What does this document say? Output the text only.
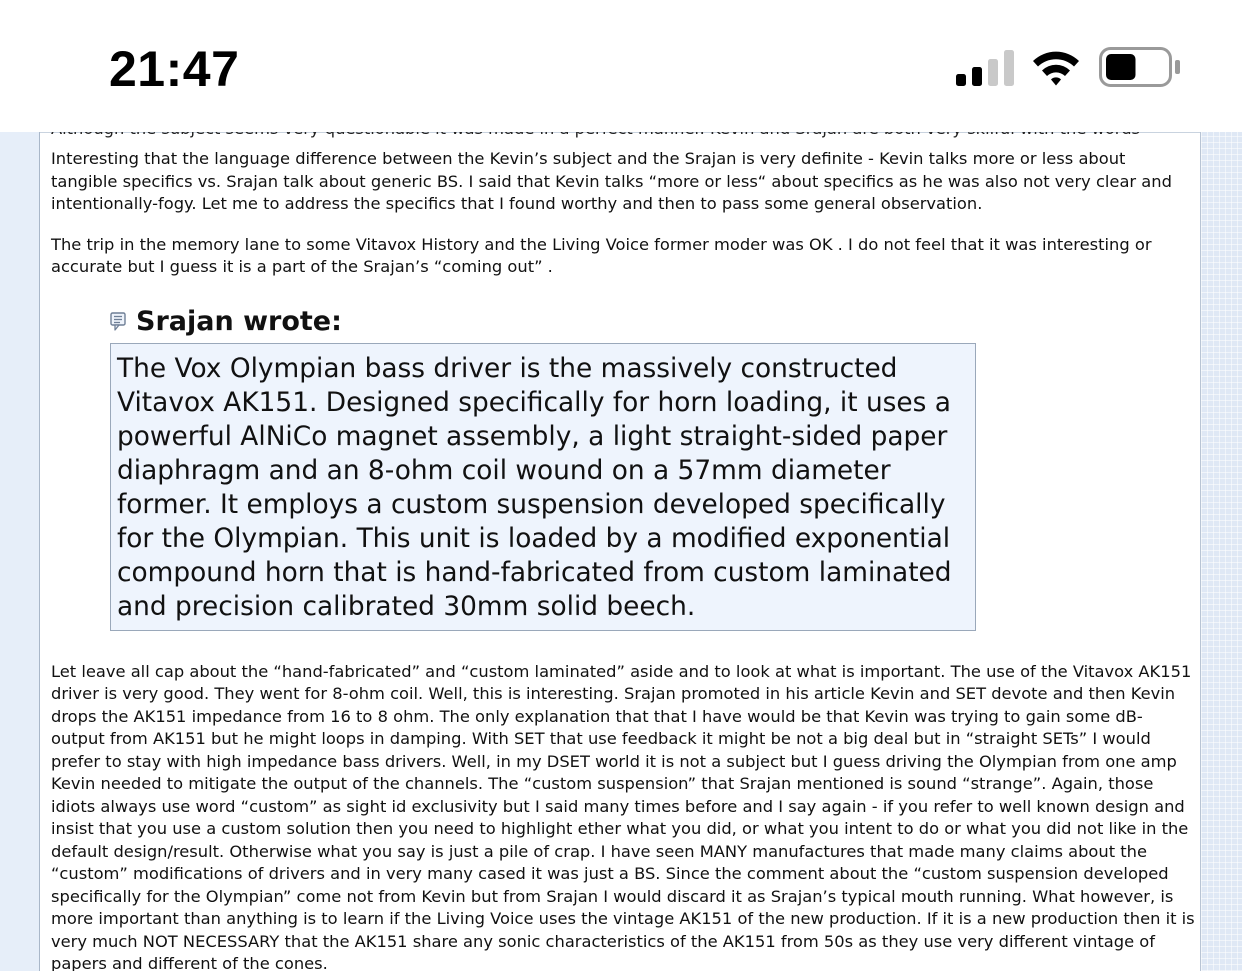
Interesting that the language difference between the Kevin’s subject and the Srajan is very definite - Kevin talks more or less about tangible specifics vs. Srajan talk about generic BS. I said that Kevin talks “more or less“ about specifics as he was also not very clear and intentionally-fogy. Let me to address the specifics that I found worthy and then to pass some general observation.

The trip in the memory lane to some Vitavox History and the Living Voice former moder was OK . I do not feel that it was interesting or accurate but I guess it is a part of the Srajan’s “coming out” .

Srajan wrote:
The Vox Olympian bass driver is the massively constructed Vitavox AK151. Designed specifically for horn loading, it uses a powerful AlNiCo magnet assembly, a light straight-sided paper diaphragm and an 8-ohm coil wound on a 57mm diameter former. It employs a custom suspension developed specifically for the Olympian. This unit is loaded by a modified exponential compound horn that is hand-fabricated from custom laminated and precision calibrated 30mm solid beech.

Let leave all cap about the “hand-fabricated” and “custom laminated” aside and to look at what is important. The use of the Vitavox AK151 driver is very good. They went for 8-ohm coil. Well, this is interesting. Srajan promoted in his article Kevin and SET devote and then Kevin drops the AK151 impedance from 16 to 8 ohm. The only explanation that that I have would be that Kevin was trying to gain some dB-output from AK151 but he might loops in damping. With SET that use feedback it might be not a big deal but in “straight SETs” I would prefer to stay with high impedance bass drivers. Well, in my DSET world it is not a subject but I guess driving the Olympian from one amp Kevin needed to mitigate the output of the channels. The “custom suspension” that Srajan mentioned is sound “strange”. Again, those idiots always use word “custom” as sight id exclusivity but I said many times before and I say again - if you refer to well known design and insist that you use a custom solution then you need to highlight ether what you did, or what you intent to do or what you did not like in the default design/result. Otherwise what you say is just a pile of crap. I have seen MANY manufactures that made many claims about the “custom” modifications of drivers and in very many cased it was just a BS. Since the comment about the “custom suspension developed specifically for the Olympian” come not from Kevin but from Srajan I would discard it as Srajan’s typical mouth running. What however, is more important than anything is to learn if the Living Voice uses the vintage AK151 of the new production. If it is a new production then it is very much NOT NECESSARY that the AK151 share any sonic characteristics of the AK151 from 50s as they use very different vintage of papers and different of the cones.

21:47
